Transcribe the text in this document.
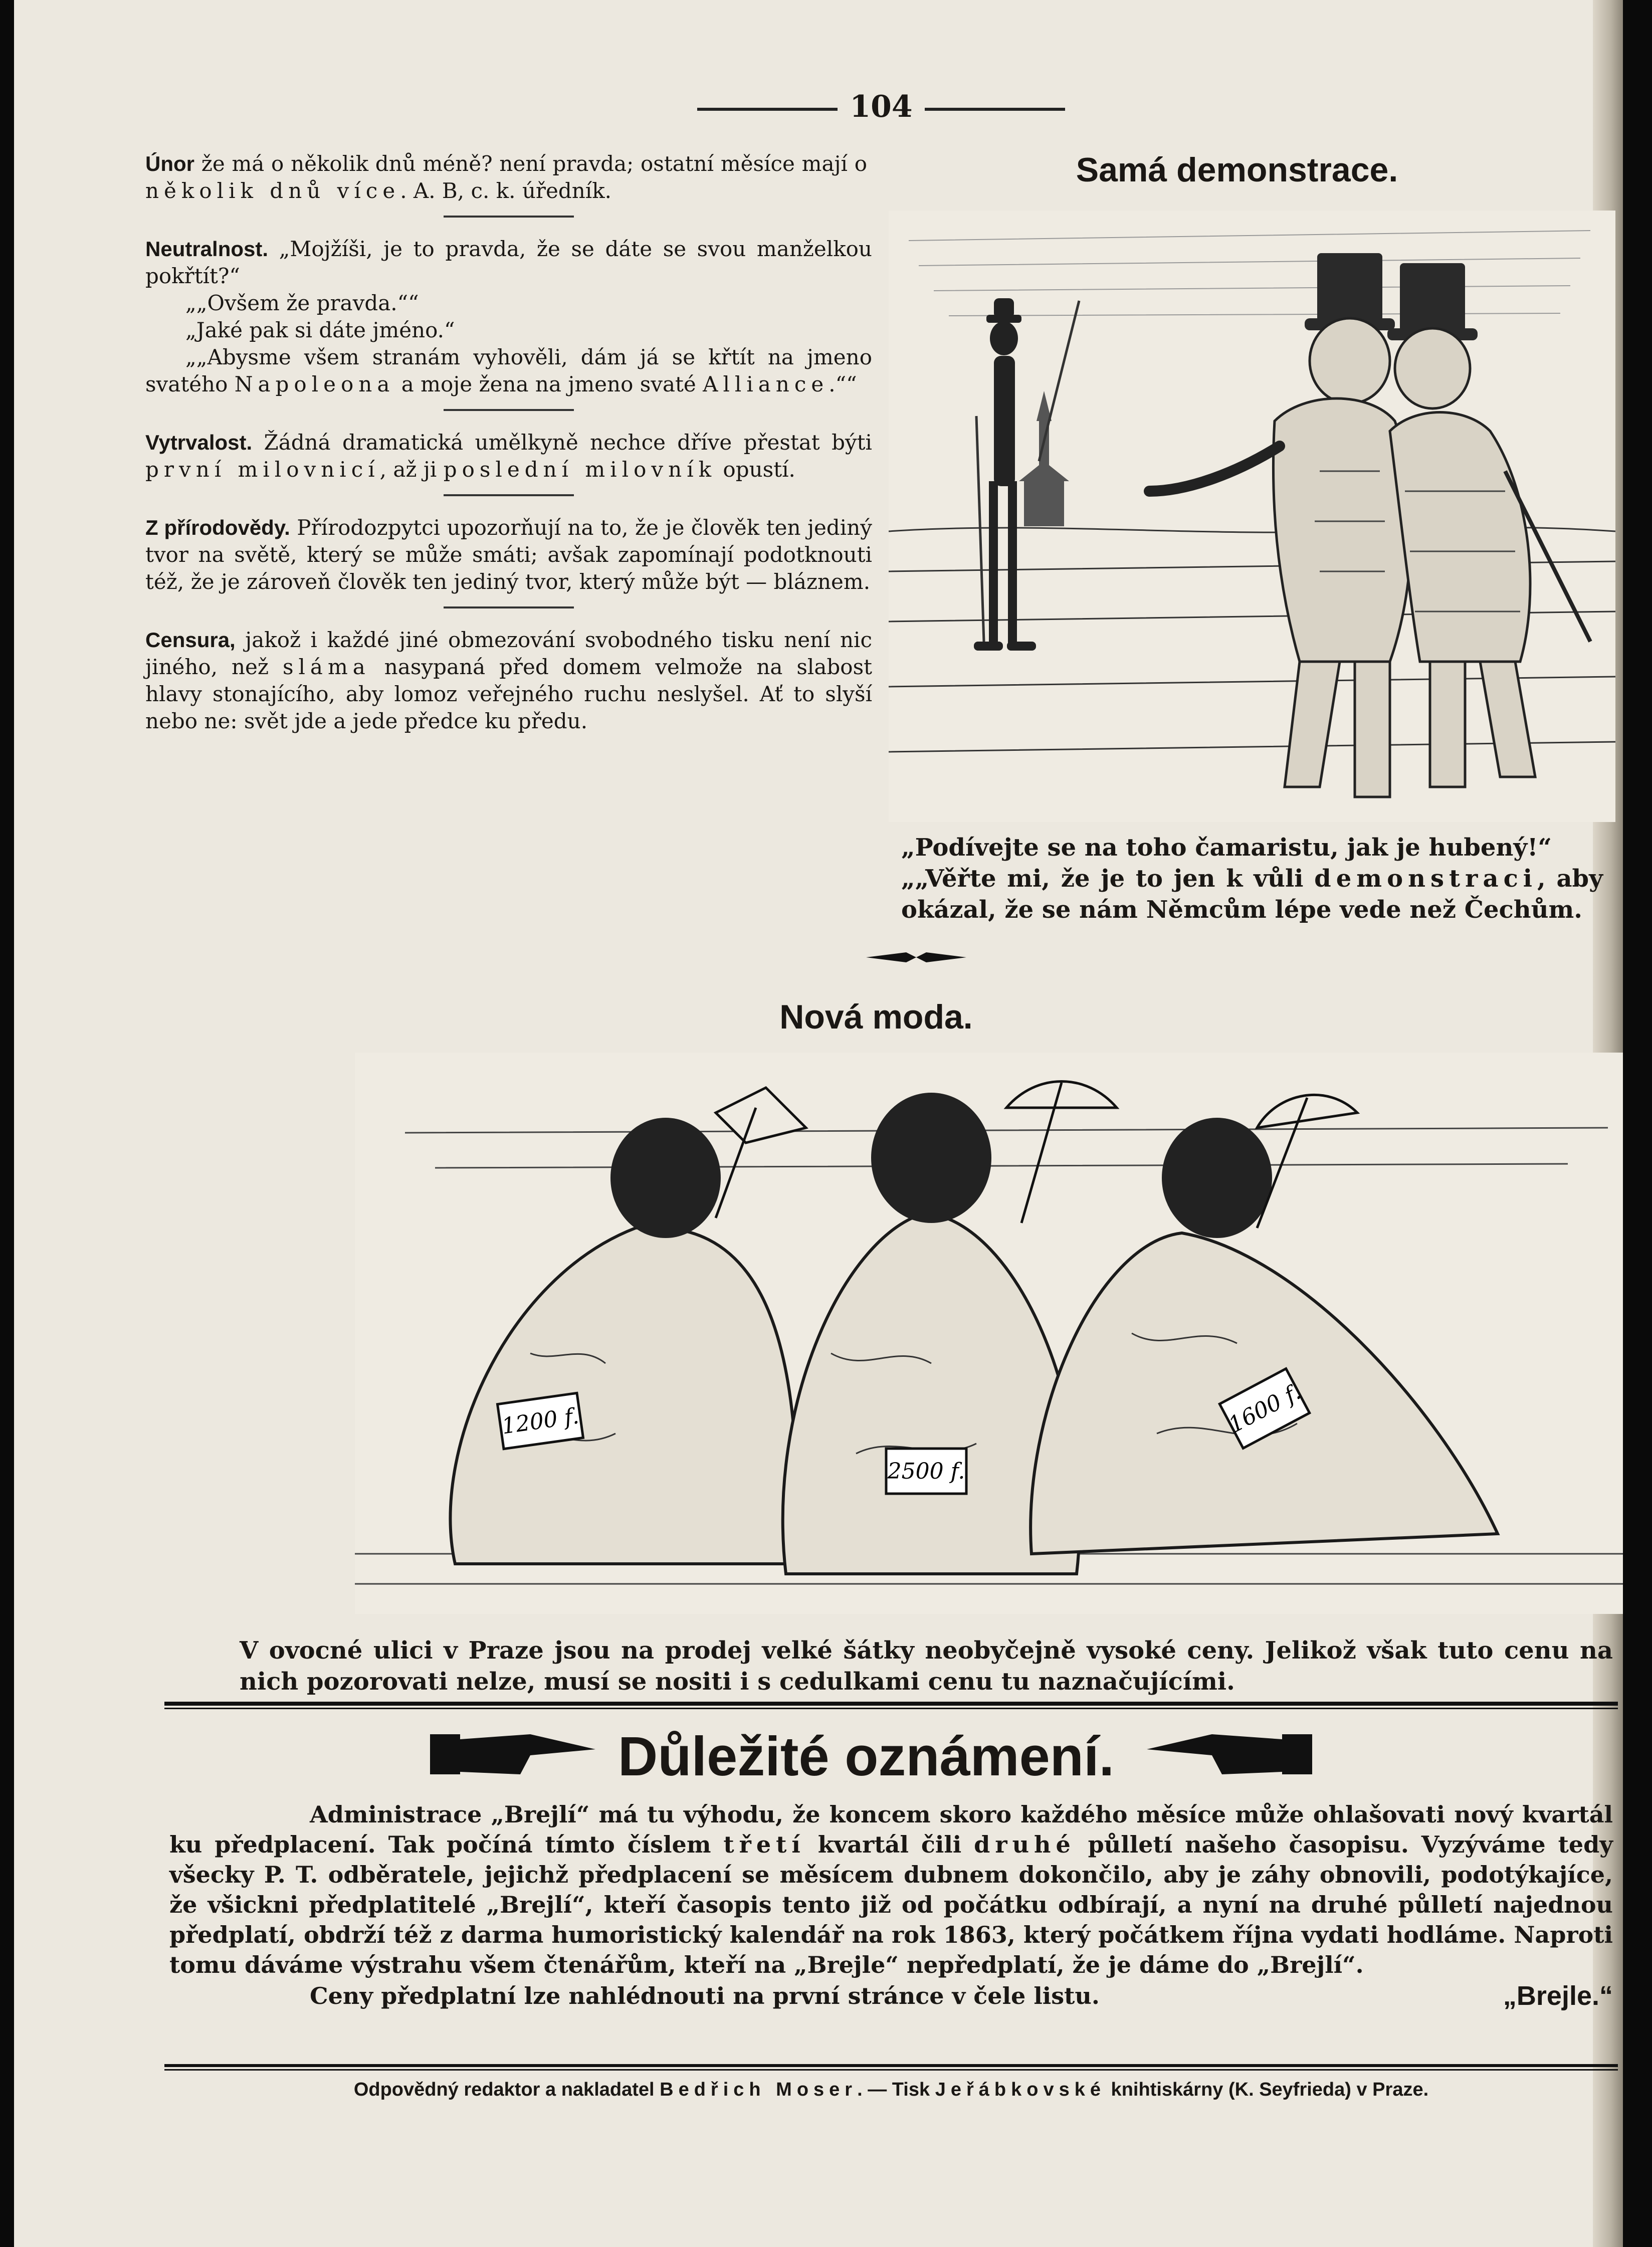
104

Únor že má o několik dnů méně? není pravda; ostatní měsíce mají o několik dnů více. A. B, c. k. úředník.

Neutralnost. „Mojžíši, je to pravda, že se dáte se svou manželkou pokřtít?“
„„Ovšem že pravda.““
„Jaké pak si dáte jméno.“
„„Abysme všem stranám vyhověli, dám já se křtít na jmeno svatého Napoleona a moje žena na jmeno svaté Alliance.““

Vytrvalost. Žádná dramatická umělkyně nechce dříve přestat býti první milovnicí, až ji poslední milovník opustí.

Z přírodovědy. Přírodozpytci upozorňují na to, že je člověk ten jediný tvor na světě, který se může smáti; avšak zapomínají podotknouti též, že je zároveň člověk ten jediný tvor, který může být — bláznem.

Censura, jakož i každé jiné obmezování svobodného tisku není nic jiného, než sláma nasypaná před domem velmože na slabost hlavy stonajícího, aby lomoz veřejného ruchu neslyšel. Ať to slyší nebo ne: svět jde a jede předce ku předu.

Samá demonstrace.
„Podívejte se na toho čamaristu, jak je hubený!“
„„Věřte mi, že je to jen k vůli demonstraci, aby okázal, že se nám Němcům lépe vede než Čechům.
Nová moda.
1200 f.
2500 f.
1600 f.
V ovocné ulici v Praze jsou na prodej velké šátky neobyčejně vysoké ceny. Jelikož však tuto cenu na nich pozorovati nelze, musí se nositi i s cedulkami cenu tu naznačujícími.
Důležité oznámení.
Administrace „Brejlí“ má tu výhodu, že koncem skoro každého měsíce může ohlašovati nový kvartál ku předplacení. Tak počíná tímto číslem třetí kvartál čili druhé půlletí našeho časopisu. Vyzýváme tedy všecky P. T. odběratele, jejichž předplacení se měsícem dubnem dokončilo, aby je záhy obnovili, podotýkajíce, že všickni předplatitelé „Brejlí“, kteří časopis tento již od počátku odbírají, a nyní na druhé půlletí najednou předplatí, obdrží též z darma humoristický kalendář na rok 1863, který počátkem října vydati hodláme. Naproti tomu dáváme výstrahu všem čtenářům, kteří na „Brejle“ nepředplatí, že je dáme do „Brejlí“.
Ceny předplatní lze nahlédnouti na první stránce v čele listu.	„Brejle.“
Odpovědný redaktor a nakladatel Bedřich Moser. — Tisk Jeřábkovské knihtiskárny (K. Seyfrieda) v Praze.
